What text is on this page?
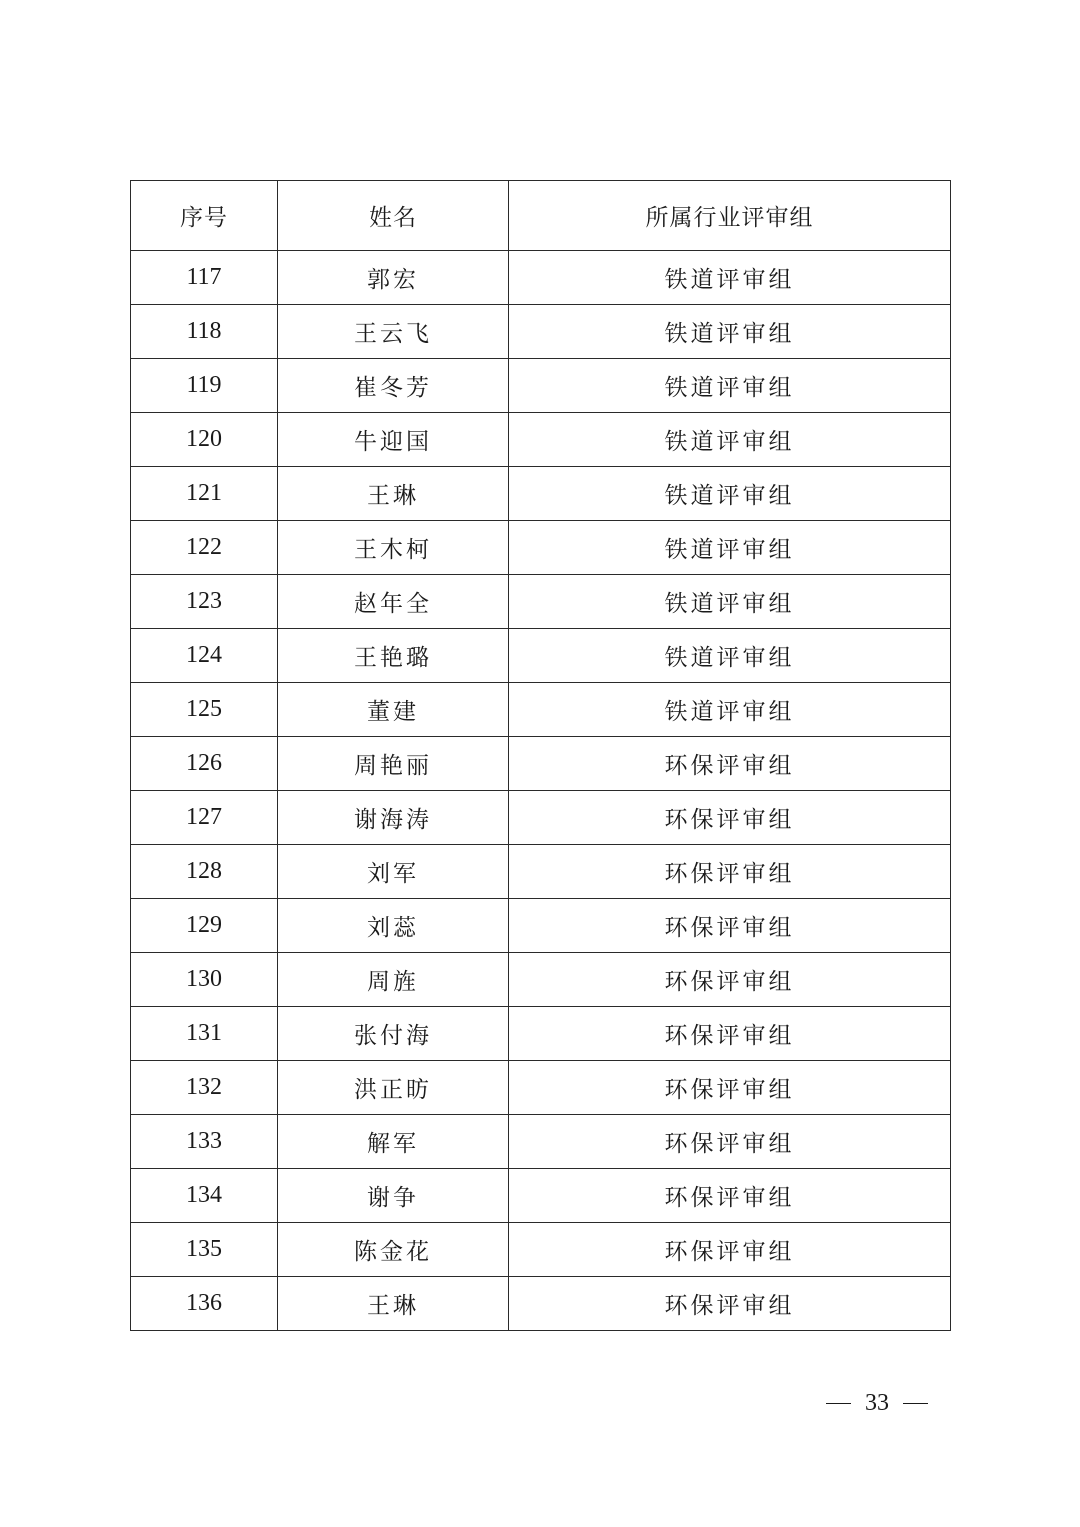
序号	姓名	所属行业评审组
117	郭宏	铁道评审组
118	王云飞	铁道评审组
119	崔冬芳	铁道评审组
120	牛迎国	铁道评审组
121	王琳	铁道评审组
122	王木柯	铁道评审组
123	赵年全	铁道评审组
124	王艳璐	铁道评审组
125	董建	铁道评审组
126	周艳丽	环保评审组
127	谢海涛	环保评审组
128	刘军	环保评审组
129	刘蕊	环保评审组
130	周旌	环保评审组
131	张付海	环保评审组
132	洪正昉	环保评审组
133	解军	环保评审组
134	谢争	环保评审组
135	陈金花	环保评审组
136	王琳	环保评审组
33
